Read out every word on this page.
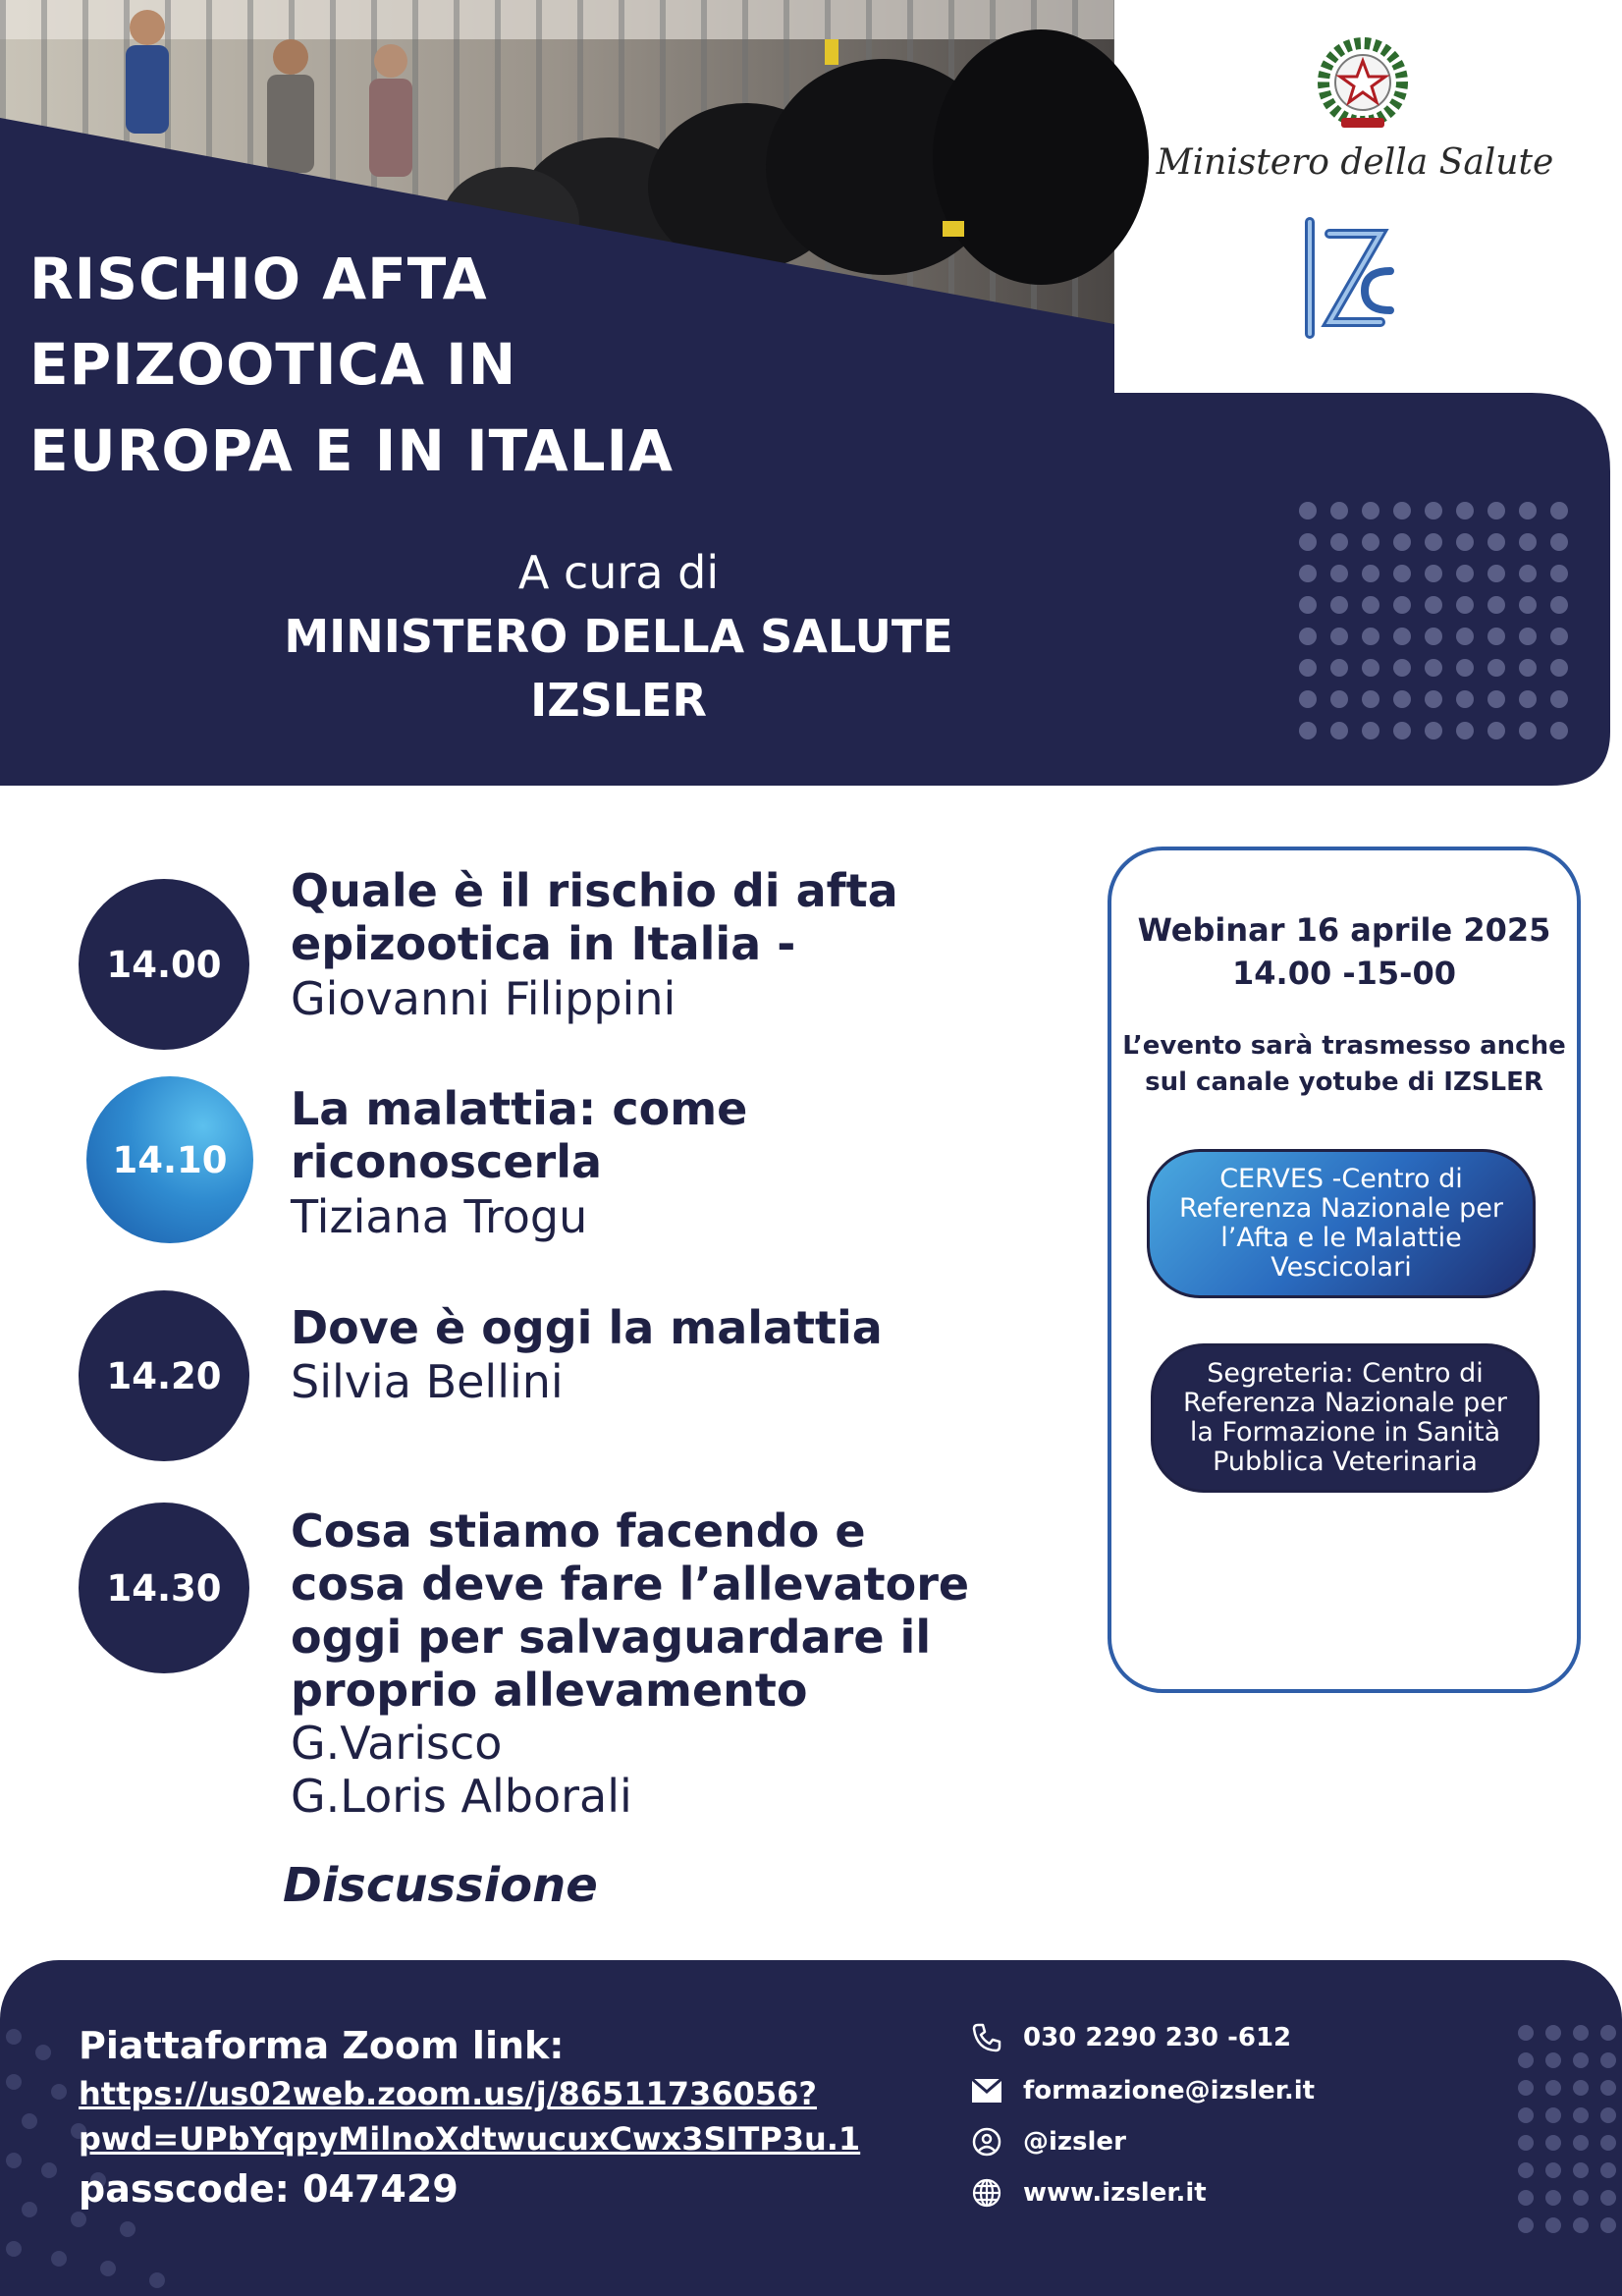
RISCHIO AFTA
EPIZOOTICA IN
EUROPA E IN ITALIA
A cura di
MINISTERO DELLA SALUTE
IZSLER
Ministero della Salute
14.00
Quale è il rischio di afta
epizootica in Italia -
Giovanni Filippini
14.10
La malattia: come
riconoscerla
Tiziana Trogu
14.20
Dove è oggi la malattia
Silvia Bellini
14.30
Cosa stiamo facendo e
cosa deve fare l’allevatore
oggi per salvaguardare il
proprio allevamento
G.Varisco
G.Loris Alborali
Discussione
Webinar 16 aprile 2025
14.00 -15-00
L’evento sarà trasmesso anche
sul canale yotube di IZSLER
CERVES -Centro di
Referenza Nazionale per
l’Afta e le Malattie
Vescicolari
Segreteria: Centro di
Referenza Nazionale per
la Formazione in Sanità
Pubblica Veterinaria
Piattaforma Zoom link:
https://us02web.zoom.us/j/86511736056?
pwd=UPbYqpyMilnoXdtwucuxCwx3SITP3u.1
passcode: 047429
030 2290 230 -612
formazione@izsler.it
@izsler
www.izsler.it
